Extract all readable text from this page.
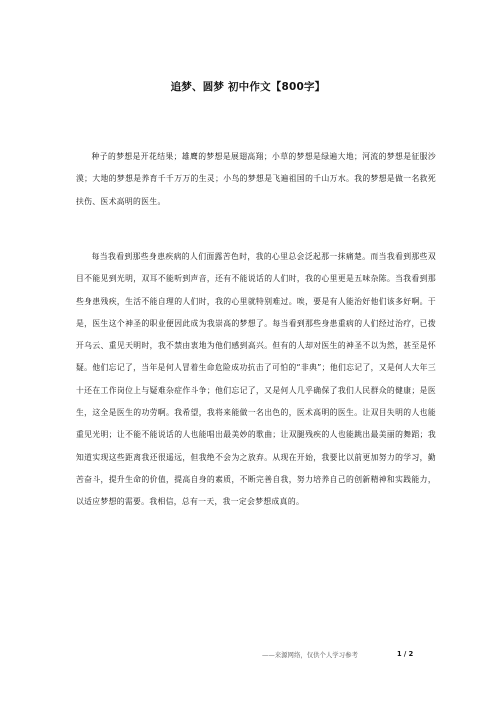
追梦、圆梦 初中作文【800字】

种子的梦想是开花结果；雄鹰的梦想是展翅高翔；小草的梦想是绿遍大地；河流的梦想是征服沙漠；大地的梦想是养育千千万万的生灵；小鸟的梦想是飞遍祖国的千山万水。我的梦想是做一名救死扶伤、医术高明的医生。

每当我看到那些身患疾病的人们面露苦色时，我的心里总会泛起那一抹痛楚。而当我看到那些双目不能见到光明，双耳不能听到声音，还有不能说话的人们时，我的心里更是五味杂陈。当我看到那些身患残疾，生活不能自理的人们时，我的心里就特别难过。唉，要是有人能治好他们该多好啊。于是，医生这个神圣的职业便因此成为我崇高的梦想了。每当看到那些身患重病的人们经过治疗，已拨开乌云、重见天明时，我不禁由衷地为他们感到高兴。但有的人却对医生的神圣不以为然，甚至是怀疑。他们忘记了，当年是何人冒着生命危险成功抗击了可怕的“非典”；他们忘记了，又是何人大年三十还在工作岗位上与疑难杂症作斗争；他们忘记了，又是何人几乎确保了我们人民群众的健康；是医生，这全是医生的功劳啊。我希望，我将来能做一名出色的，医术高明的医生。让双目失明的人也能重见光明；让不能不能说话的人也能唱出最美妙的歌曲；让双腿残疾的人也能跳出最美丽的舞蹈；我知道实现这些距离我还很遥远，但我绝不会为之放弃。从现在开始，我要比以前更加努力的学习，勤苦奋斗，提升生命的价值，提高自身的素质，不断完善自我，努力培养自己的创新精神和实践能力，以适应梦想的需要。我相信，总有一天，我一定会梦想成真的。

——来源网络，仅供个人学习参考	1 / 2
